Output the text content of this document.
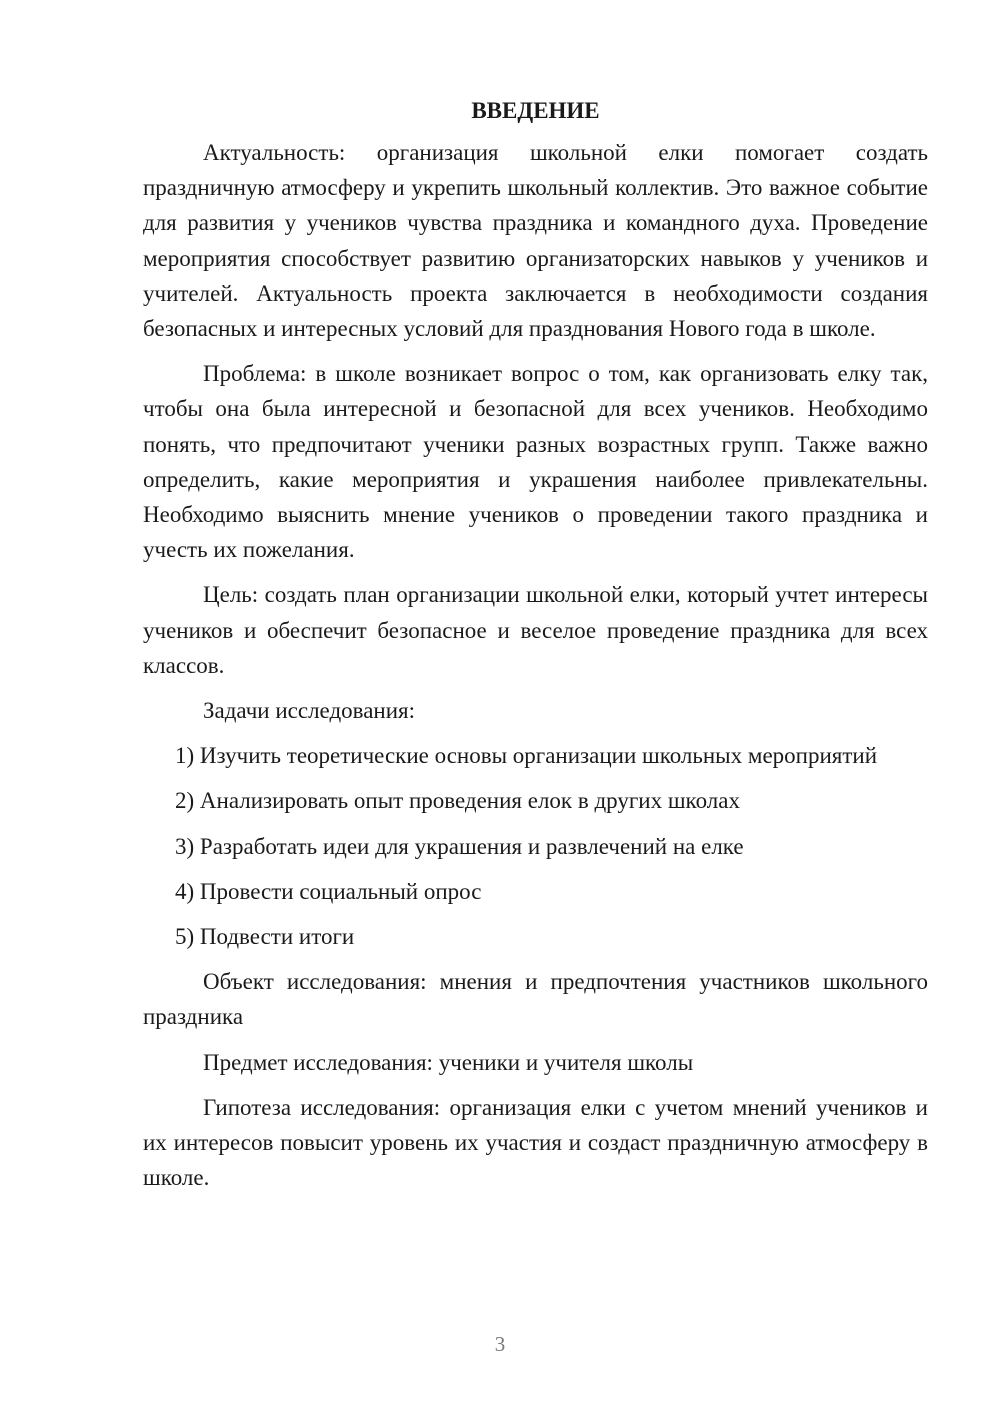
ВВЕДЕНИЕ

Актуальность: организация школьной елки помогает создать праздничную атмосферу и укрепить школьный коллектив. Это важное событие для развития у учеников чувства праздника и командного духа. Проведение мероприятия способствует развитию организаторских навыков у учеников и учителей. Актуальность проекта заключается в необходимости создания безопасных и интересных условий для празднования Нового года в школе.

Проблема: в школе возникает вопрос о том, как организовать елку так, чтобы она была интересной и безопасной для всех учеников. Необходимо понять, что предпочитают ученики разных возрастных групп. Также важно определить, какие мероприятия и украшения наиболее привлекательны. Необходимо выяснить мнение учеников о проведении такого праздника и учесть их пожелания.

Цель: создать план организации школьной елки, который учтет интересы учеников и обеспечит безопасное и веселое проведение праздника для всех классов.

Задачи исследования:

1) Изучить теоретические основы организации школьных мероприятий

2) Анализировать опыт проведения елок в других школах

3) Разработать идеи для украшения и развлечений на елке

4) Провести социальный опрос

5) Подвести итоги

Объект исследования: мнения и предпочтения участников школьного праздника

Предмет исследования: ученики и учителя школы

Гипотеза исследования: организация елки с учетом мнений учеников и их интересов повысит уровень их участия и создаст праздничную атмосферу в школе.

3
